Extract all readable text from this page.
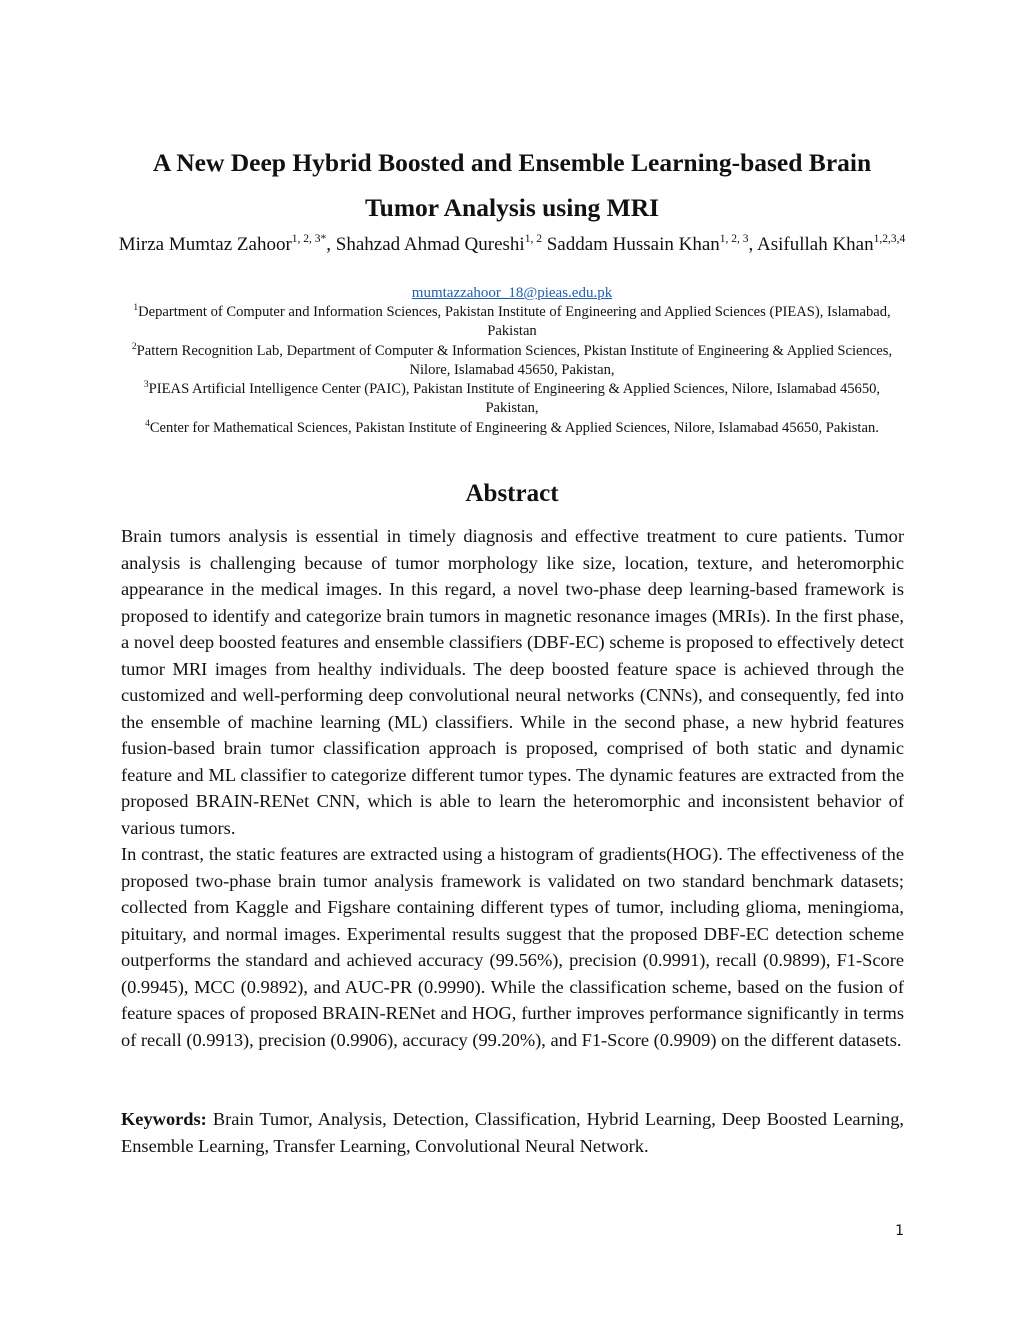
A New Deep Hybrid Boosted and Ensemble Learning-based Brain
Tumor Analysis using MRI

Mirza Mumtaz Zahoor$^{1, 2, 3*}$, Shahzad Ahmad Qureshi$^{1, 2}$ Saddam Hussain Khan$^{1, 2, 3}$, Asifullah Khan$^{1,2,3,4}$

mumtazzahoor_18@pieas.edu.pk

$^1$Department of Computer and Information Sciences, Pakistan Institute of Engineering and Applied Sciences (PIEAS), Islamabad, Pakistan

$^2$Pattern Recognition Lab, Department of Computer & Information Sciences, Pkistan Institute of Engineering & Applied Sciences, Nilore, Islamabad 45650, Pakistan,

$^3$PIEAS Artificial Intelligence Center (PAIC), Pakistan Institute of Engineering & Applied Sciences, Nilore, Islamabad 45650, Pakistan,

$^4$Center for Mathematical Sciences, Pakistan Institute of Engineering & Applied Sciences, Nilore, Islamabad 45650, Pakistan.

Abstract

Brain tumors analysis is essential in timely diagnosis and effective treatment to cure patients. Tumor analysis is challenging because of tumor morphology like size, location, texture, and heteromorphic appearance in the medical images. In this regard, a novel two-phase deep learning-based framework is proposed to identify and categorize brain tumors in magnetic resonance images (MRIs). In the first phase, a novel deep boosted features and ensemble classifiers (DBF-EC) scheme is proposed to effectively detect tumor MRI images from healthy individuals. The deep boosted feature space is achieved through the customized and well-performing deep convolutional neural networks (CNNs), and consequently, fed into the ensemble of machine learning (ML) classifiers. While in the second phase, a new hybrid features fusion-based brain tumor classification approach is proposed, comprised of both static and dynamic feature and ML classifier to categorize different tumor types. The dynamic features are extracted from the proposed BRAIN-RENet CNN, which is able to learn the heteromorphic and inconsistent behavior of various tumors.

In contrast, the static features are extracted using a histogram of gradients(HOG). The effectiveness of the proposed two-phase brain tumor analysis framework is validated on two standard benchmark datasets; collected from Kaggle and Figshare containing different types of tumor, including glioma, meningioma, pituitary, and normal images. Experimental results suggest that the proposed DBF-EC detection scheme outperforms the standard and achieved accuracy (99.56%), precision (0.9991), recall (0.9899), F1-Score (0.9945), MCC (0.9892), and AUC-PR (0.9990). While the classification scheme, based on the fusion of feature spaces of proposed BRAIN-RENet and HOG, further improves performance significantly in terms of recall (0.9913), precision (0.9906), accuracy (99.20%), and F1-Score (0.9909) on the different datasets.

Keywords: Brain Tumor, Analysis, Detection, Classification, Hybrid Learning, Deep Boosted Learning, Ensemble Learning, Transfer Learning, Convolutional Neural Network.

1
